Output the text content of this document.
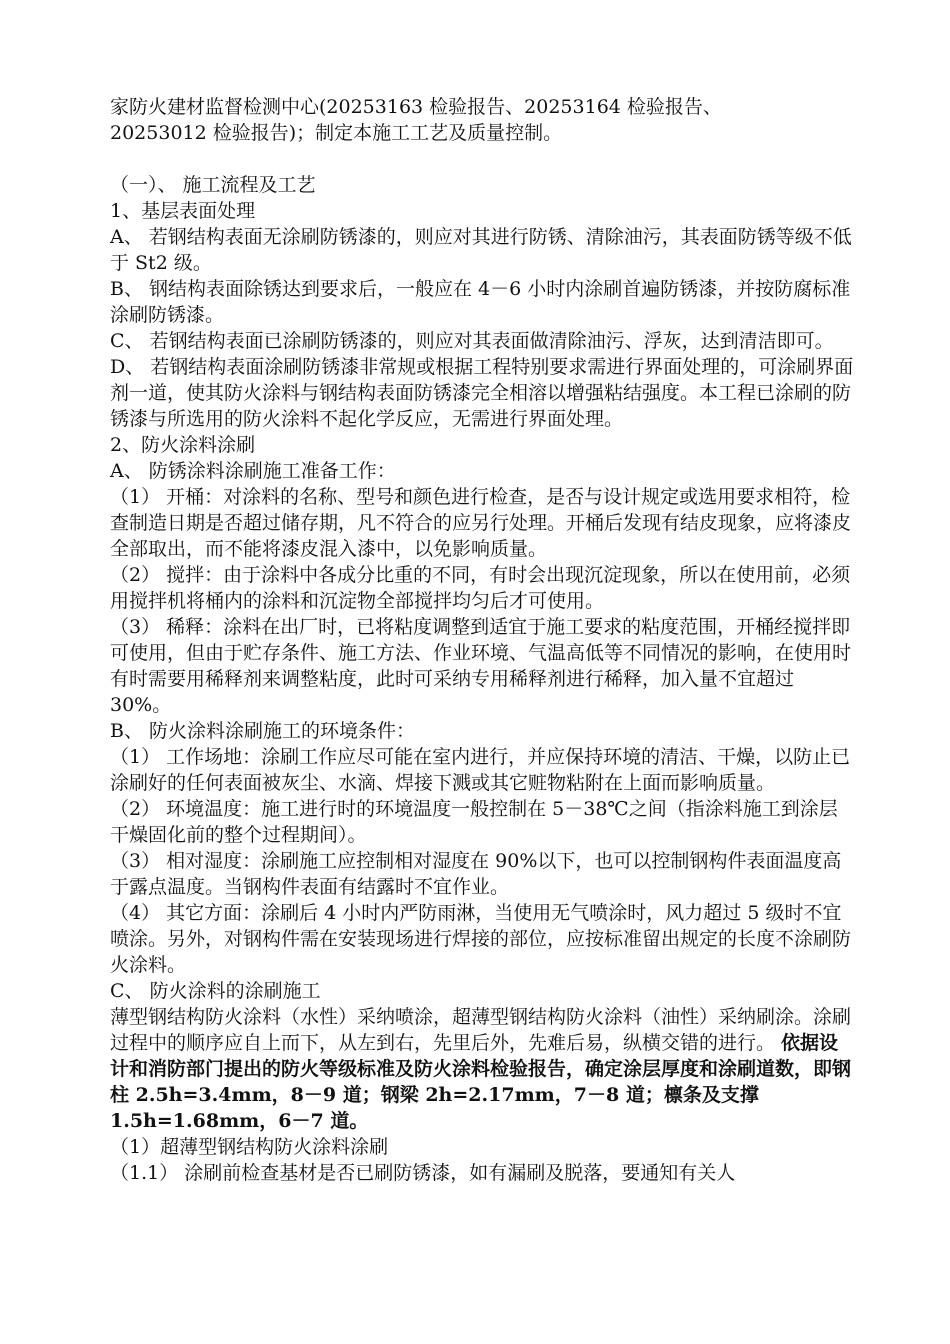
家防火建材监督检测中心(20253163 检验报告、20253164 检验报告、

20253012 检验报告)；制定本施工工艺及质量控制。

（一）、 施工流程及工艺

1、基层表面处理

A、 若钢结构表面无涂刷防锈漆的，则应对其进行防锈、清除油污，其表面防锈等级不低于 St2 级。

B、 钢结构表面除锈达到要求后，一般应在 4－6 小时内涂刷首遍防锈漆，并按防腐标准涂刷防锈漆。

C、 若钢结构表面已涂刷防锈漆的，则应对其表面做清除油污、浮灰，达到清洁即可。

D、 若钢结构表面涂刷防锈漆非常规或根据工程特别要求需进行界面处理的，可涂刷界面剂一道，使其防火涂料与钢结构表面防锈漆完全相溶以增强粘结强度。本工程已涂刷的防锈漆与所选用的防火涂料不起化学反应，无需进行界面处理。

2、防火涂料涂刷

A、 防锈涂料涂刷施工准备工作：

（1） 开桶：对涂料的名称、型号和颜色进行检查，是否与设计规定或选用要求相符，检查制造日期是否超过储存期，凡不符合的应另行处理。开桶后发现有结皮现象，应将漆皮全部取出，而不能将漆皮混入漆中，以免影响质量。

（2） 搅拌：由于涂料中各成分比重的不同，有时会出现沉淀现象，所以在使用前，必须用搅拌机将桶内的涂料和沉淀物全部搅拌均匀后才可使用。

（3） 稀释：涂料在出厂时，已将粘度调整到适宜于施工要求的粘度范围，开桶经搅拌即可使用，但由于贮存条件、施工方法、作业环境、气温高低等不同情况的影响，在使用时有时需要用稀释剂来调整粘度，此时可采纳专用稀释剂进行稀释，加入量不宜超过 30%。

B、 防火涂料涂刷施工的环境条件：

（1） 工作场地：涂刷工作应尽可能在室内进行，并应保持环境的清洁、干燥，以防止已涂刷好的任何表面被灰尘、水滴、焊接下溅或其它赃物粘附在上面而影响质量。

（2） 环境温度：施工进行时的环境温度一般控制在 5－38℃之间（指涂料施工到涂层干燥固化前的整个过程期间）。

（3） 相对湿度：涂刷施工应控制相对湿度在 90%以下，也可以控制钢构件表面温度高于露点温度。当钢构件表面有结露时不宜作业。

（4） 其它方面：涂刷后 4 小时内严防雨淋，当使用无气喷涂时，风力超过 5 级时不宜喷涂。另外，对钢构件需在安装现场进行焊接的部位，应按标准留出规定的长度不涂刷防火涂料。

C、 防火涂料的涂刷施工

薄型钢结构防火涂料（水性）采纳喷涂，超薄型钢结构防火涂料（油性）采纳刷涂。涂刷过程中的顺序应自上而下，从左到右，先里后外，先难后易，纵横交错的进行。 依据设计和消防部门提出的防火等级标准及防火涂料检验报告，确定涂层厚度和涂刷道数，即钢柱 2.5h=3.4mm，8－9 道；钢梁 2h=2.17mm，7－8 道；檩条及支撑 1.5h=1.68mm，6－7 道。

（1）超薄型钢结构防火涂料涂刷

（1.1） 涂刷前检查基材是否已刷防锈漆，如有漏刷及脱落，要通知有关人
